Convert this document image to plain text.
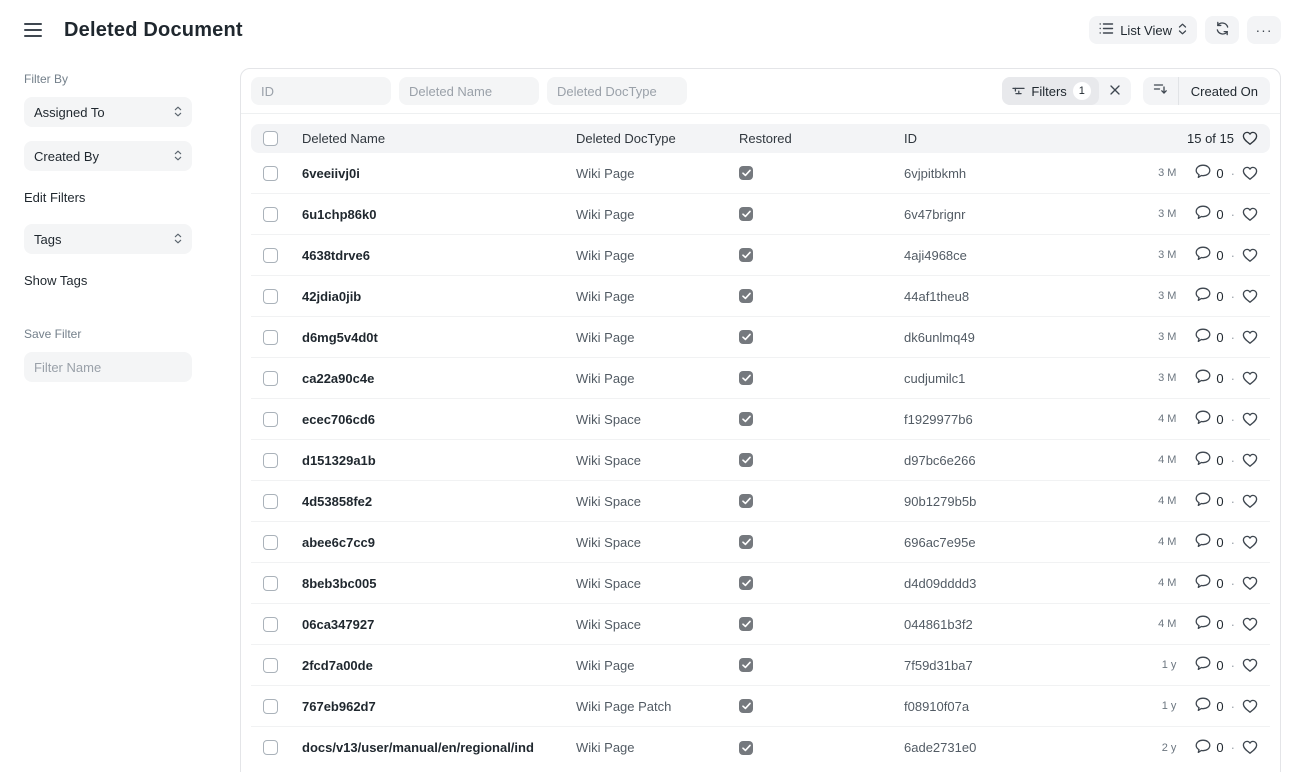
Deleted Document	List View	···
Filter By
Assigned To
Created By
Edit Filters
Tags
Show Tags
Save Filter
Filter Name
ID
Deleted Name
Deleted DocType
Filters	1	Created On
Deleted Name	Deleted DocType	Restored	ID	15 of 15
6veeiivj0i	Wiki Page	6vjpitbkmh	3 M	0 ·
6u1chp86k0	Wiki Page	6v47brignr	3 M	0 ·
4638tdrve6	Wiki Page	4aji4968ce	3 M	0 ·
42jdia0jib	Wiki Page	44af1theu8	3 M	0 ·
d6mg5v4d0t	Wiki Page	dk6unlmq49	3 M	0 ·
ca22a90c4e	Wiki Page	cudjumilc1	3 M	0 ·
ecec706cd6	Wiki Space	f1929977b6	4 M	0 ·
d151329a1b	Wiki Space	d97bc6e266	4 M	0 ·
4d53858fe2	Wiki Space	90b1279b5b	4 M	0 ·
abee6c7cc9	Wiki Space	696ac7e95e	4 M	0 ·
8beb3bc005	Wiki Space	d4d09dddd3	4 M	0 ·
06ca347927	Wiki Space	044861b3f2	4 M	0 ·
2fcd7a00de	Wiki Page	7f59d31ba7	1 y	0 ·
767eb962d7	Wiki Page Patch	f08910f07a	1 y	0 ·
docs/v13/user/manual/en/regional/ind	Wiki Page	6ade2731e0	2 y	0 ·
